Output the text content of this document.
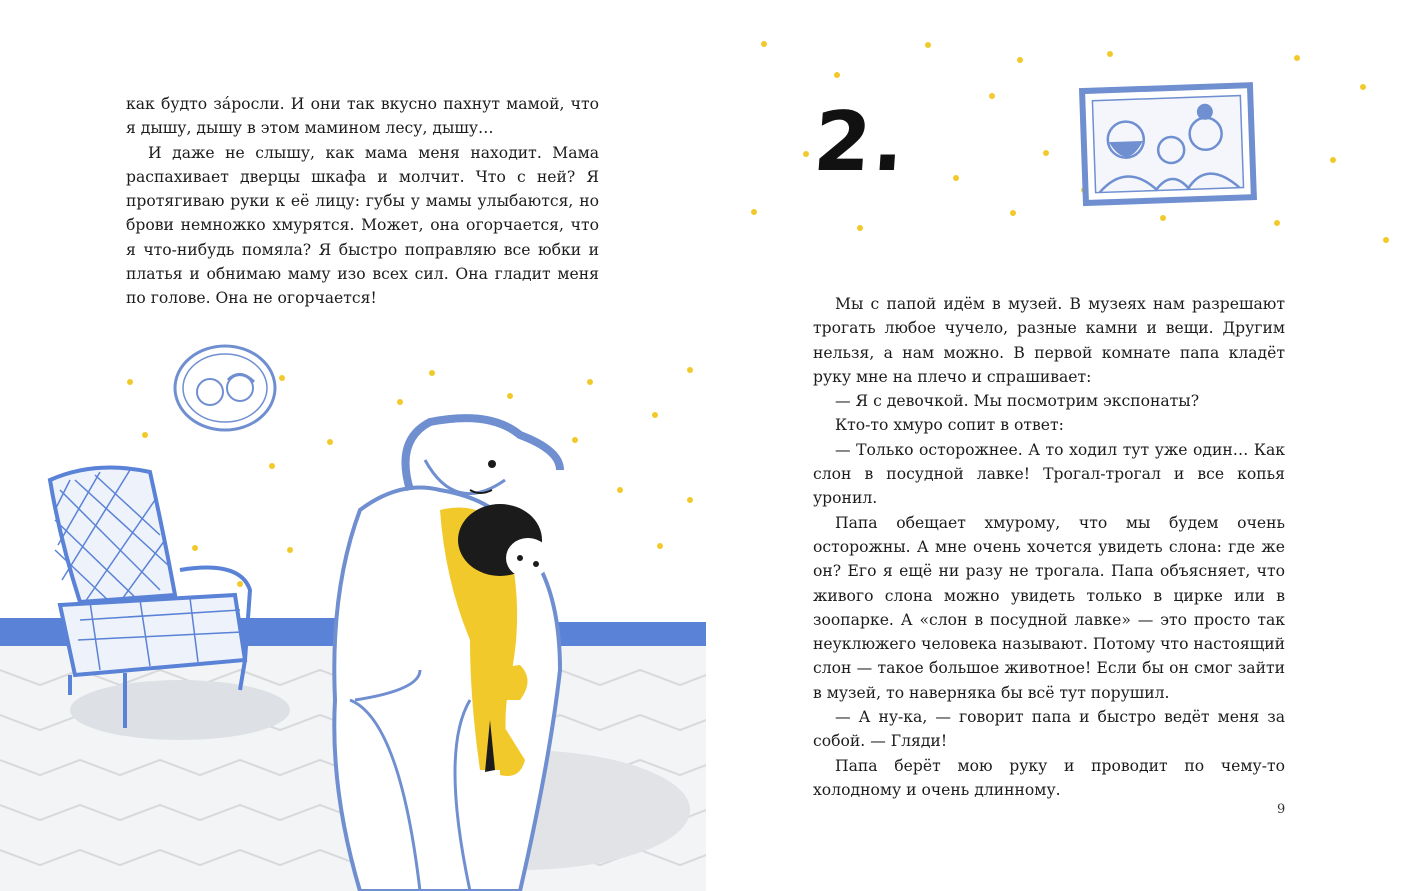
как будто за́росли. И они так вкусно пахнут мамой, что я дышу, дышу в этом мамином лесу, дышу…

И даже не слышу, как мама меня находит. Мама распахивает дверцы шкафа и молчит. Что с ней? Я протягиваю руки к её лицу: губы у мамы улыбаются, но брови немножко хмурятся. Может, она огорчается, что я что-нибудь помяла? Я быстро поправляю все юбки и платья и обнимаю маму изо всех сил. Она гладит меня по голове. Она не огорчается!

2.

Мы с папой идём в музей. В музеях нам разрешают трогать любое чучело, разные камни и вещи. Другим нельзя, а нам можно. В первой комнате папа кладёт руку мне на плечо и спрашивает:

— Я с девочкой. Мы посмотрим экспонаты?

Кто-то хмуро сопит в ответ:

— Только осторожнее. А то ходил тут уже один… Как слон в посудной лавке! Трогал-трогал и все копья уронил.

Папа обещает хмурому, что мы будем очень осторожны. А мне очень хочется увидеть слона: где же он? Его я ещё ни разу не трогала. Папа объясняет, что живого слона можно увидеть только в цирке или в зоопарке. А «слон в посудной лавке» — это просто так неуклюжего человека называют. Потому что настоящий слон — такое большое животное! Если бы он смог зайти в музей, то наверняка бы всё тут порушил.

— А ну-ка, — говорит папа и быстро ведёт меня за собой. — Гляди!

Папа берёт мою руку и проводит по чему-то холодному и очень длинному.

9
